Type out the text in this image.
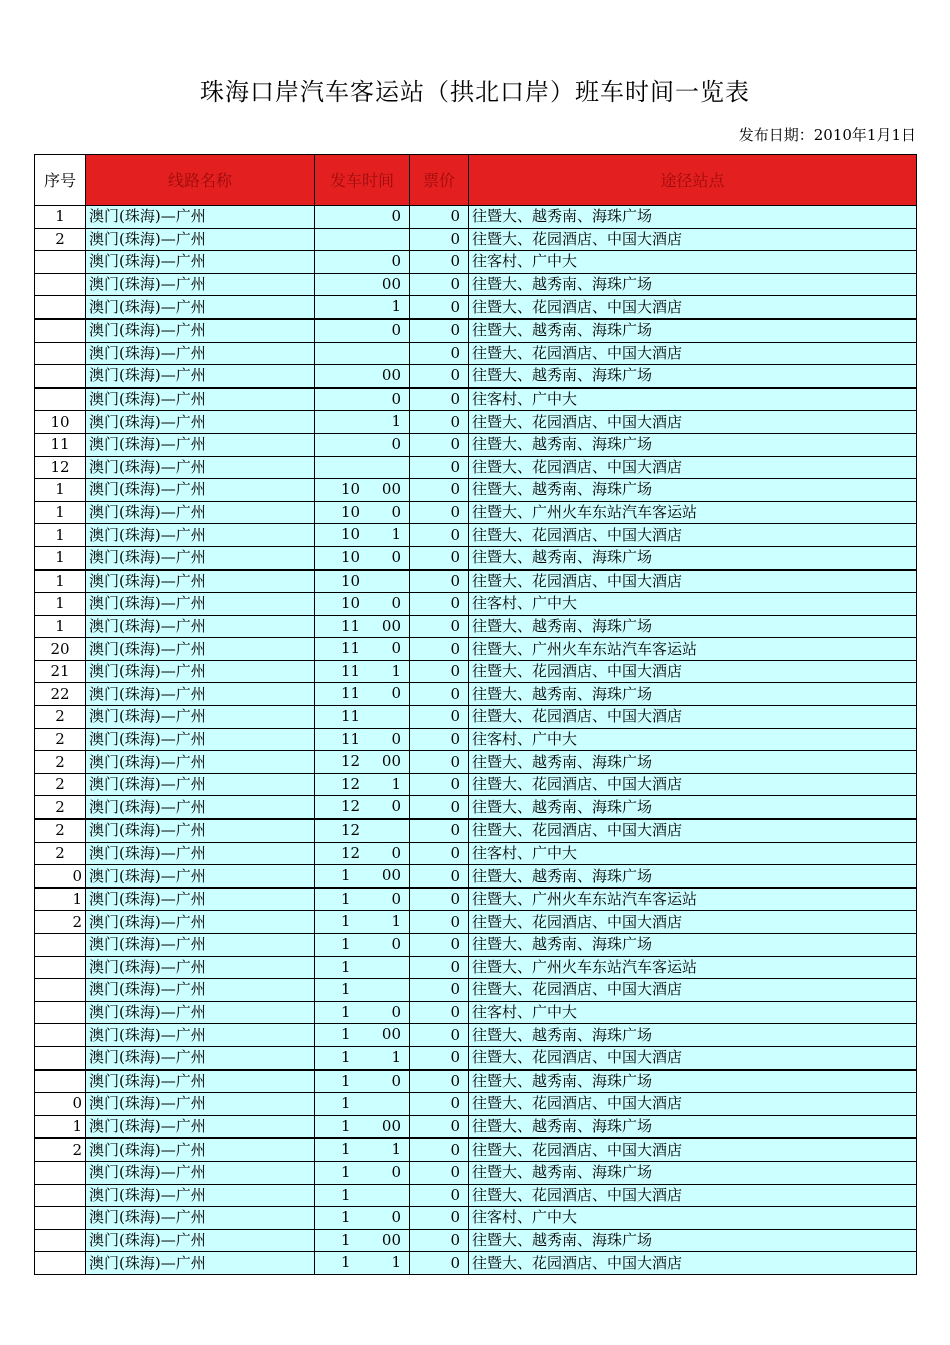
珠海口岸汽车客运站（拱北口岸）班车时间一览表
发布日期：2010年1月1日
序号	线路名称	发车时间	票价	途径站点
1	澳门(珠海)—广州	0	0	往暨大、越秀南、海珠广场
2	澳门(珠海)—广州		0	往暨大、花园酒店、中国大酒店
	澳门(珠海)—广州	0	0	往客村、广中大
	澳门(珠海)—广州	00	0	往暨大、越秀南、海珠广场
	澳门(珠海)—广州	1	0	往暨大、花园酒店、中国大酒店
	澳门(珠海)—广州	0	0	往暨大、越秀南、海珠广场
	澳门(珠海)—广州		0	往暨大、花园酒店、中国大酒店
	澳门(珠海)—广州	00	0	往暨大、越秀南、海珠广场
	澳门(珠海)—广州	0	0	往客村、广中大
10	澳门(珠海)—广州	1	0	往暨大、花园酒店、中国大酒店
11	澳门(珠海)—广州	0	0	往暨大、越秀南、海珠广场
12	澳门(珠海)—广州		0	往暨大、花园酒店、中国大酒店
1	澳门(珠海)—广州	10 00	0	往暨大、越秀南、海珠广场
1	澳门(珠海)—广州	10 0	0	往暨大、广州火车东站汽车客运站
1	澳门(珠海)—广州	10 1	0	往暨大、花园酒店、中国大酒店
1	澳门(珠海)—广州	10 0	0	往暨大、越秀南、海珠广场
1	澳门(珠海)—广州	10	0	往暨大、花园酒店、中国大酒店
1	澳门(珠海)—广州	10 0	0	往客村、广中大
1	澳门(珠海)—广州	11 00	0	往暨大、越秀南、海珠广场
20	澳门(珠海)—广州	11 0	0	往暨大、广州火车东站汽车客运站
21	澳门(珠海)—广州	11 1	0	往暨大、花园酒店、中国大酒店
22	澳门(珠海)—广州	11 0	0	往暨大、越秀南、海珠广场
2	澳门(珠海)—广州	11	0	往暨大、花园酒店、中国大酒店
2	澳门(珠海)—广州	11 0	0	往客村、广中大
2	澳门(珠海)—广州	12 00	0	往暨大、越秀南、海珠广场
2	澳门(珠海)—广州	12 1	0	往暨大、花园酒店、中国大酒店
2	澳门(珠海)—广州	12 0	0	往暨大、越秀南、海珠广场
2	澳门(珠海)—广州	12	0	往暨大、花园酒店、中国大酒店
2	澳门(珠海)—广州	12 0	0	往客村、广中大
0	澳门(珠海)—广州	1 00	0	往暨大、越秀南、海珠广场
1	澳门(珠海)—广州	1 0	0	往暨大、广州火车东站汽车客运站
2	澳门(珠海)—广州	1 1	0	往暨大、花园酒店、中国大酒店
	澳门(珠海)—广州	1 0	0	往暨大、越秀南、海珠广场
	澳门(珠海)—广州	1	0	往暨大、广州火车东站汽车客运站
	澳门(珠海)—广州	1	0	往暨大、花园酒店、中国大酒店
	澳门(珠海)—广州	1 0	0	往客村、广中大
	澳门(珠海)—广州	1 00	0	往暨大、越秀南、海珠广场
	澳门(珠海)—广州	1 1	0	往暨大、花园酒店、中国大酒店
	澳门(珠海)—广州	1 0	0	往暨大、越秀南、海珠广场
0	澳门(珠海)—广州	1	0	往暨大、花园酒店、中国大酒店
1	澳门(珠海)—广州	1 00	0	往暨大、越秀南、海珠广场
2	澳门(珠海)—广州	1 1	0	往暨大、花园酒店、中国大酒店
	澳门(珠海)—广州	1 0	0	往暨大、越秀南、海珠广场
	澳门(珠海)—广州	1	0	往暨大、花园酒店、中国大酒店
	澳门(珠海)—广州	1 0	0	往客村、广中大
	澳门(珠海)—广州	1 00	0	往暨大、越秀南、海珠广场
	澳门(珠海)—广州	1 1	0	往暨大、花园酒店、中国大酒店
